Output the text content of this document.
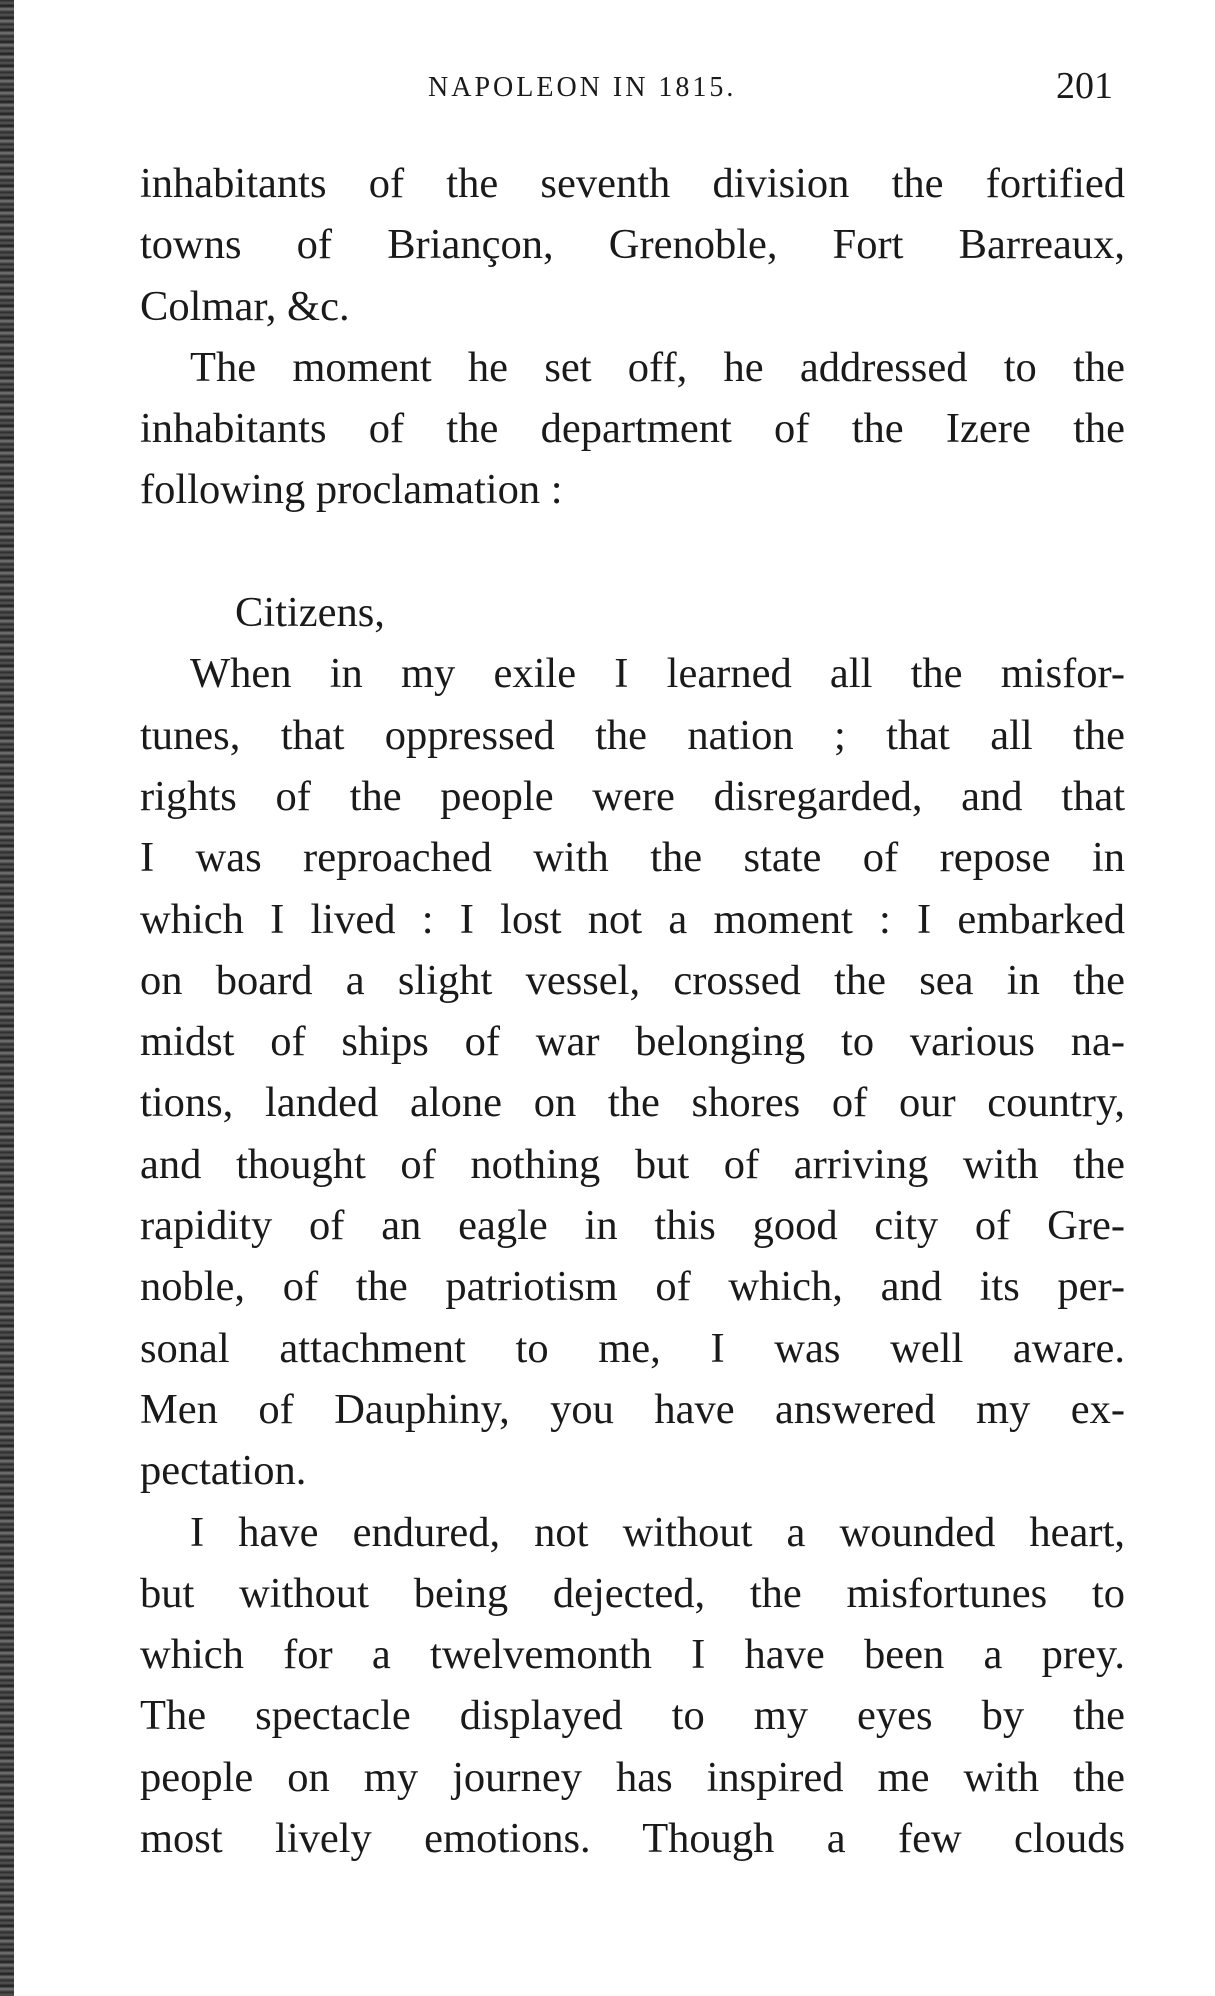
NAPOLEON IN 1815.	201
inhabitants of the seventh division the fortified
towns of Briançon, Grenoble, Fort Barreaux,
Colmar, &c.
The moment he set off, he addressed to the
inhabitants of the department of the Izere the
following proclamation :
Citizens,
When in my exile I learned all the misfor-
tunes, that oppressed the nation ; that all the
rights of the people were disregarded, and that
I was reproached with the state of repose in
which I lived : I lost not a moment : I embarked
on board a slight vessel, crossed the sea in the
midst of ships of war belonging to various na-
tions, landed alone on the shores of our country,
and thought of nothing but of arriving with the
rapidity of an eagle in this good city of Gre-
noble, of the patriotism of which, and its per-
sonal attachment to me, I was well aware.
Men of Dauphiny, you have answered my ex-
pectation.
I have endured, not without a wounded heart,
but without being dejected, the misfortunes to
which for a twelvemonth I have been a prey.
The spectacle displayed to my eyes by the
people on my journey has inspired me with the
most lively emotions. Though a few clouds
